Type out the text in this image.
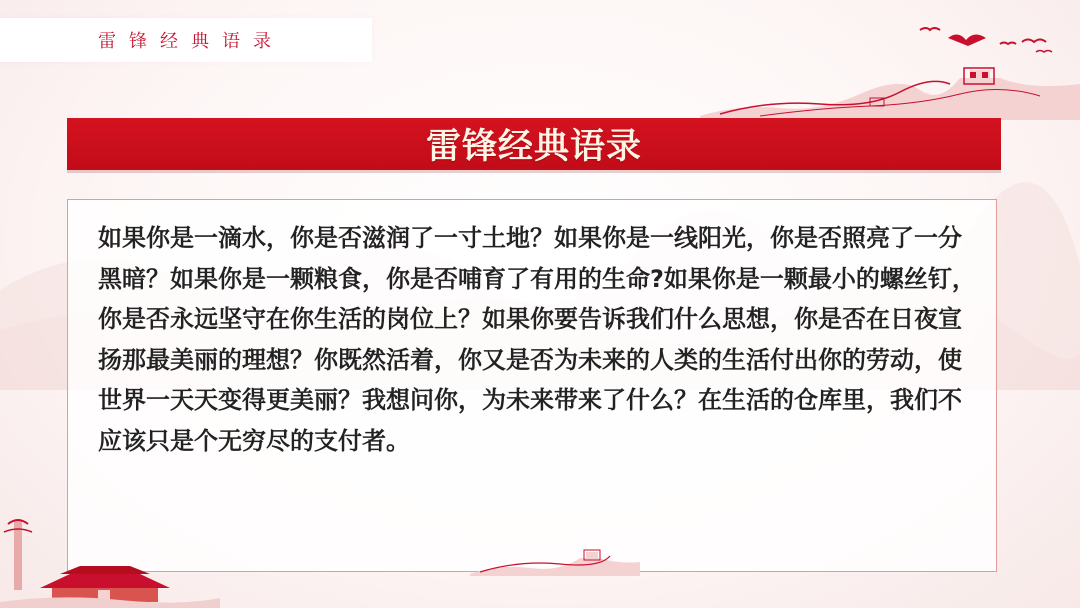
雷锋经典语录
雷锋经典语录
如果你是一滴水，你是否滋润了一寸土地？如果你是一线阳光，你是否照亮了一分黑暗？如果你是一颗粮食，你是否哺育了有用的生命?如果你是一颗最小的螺丝钉，你是否永远坚守在你生活的岗位上？如果你要告诉我们什么思想，你是否在日夜宣扬那最美丽的理想？你既然活着，你又是否为未来的人类的生活付出你的劳动，使世界一天天变得更美丽？我想问你，为未来带来了什么？在生活的仓库里，我们不应该只是个无穷尽的支付者。
